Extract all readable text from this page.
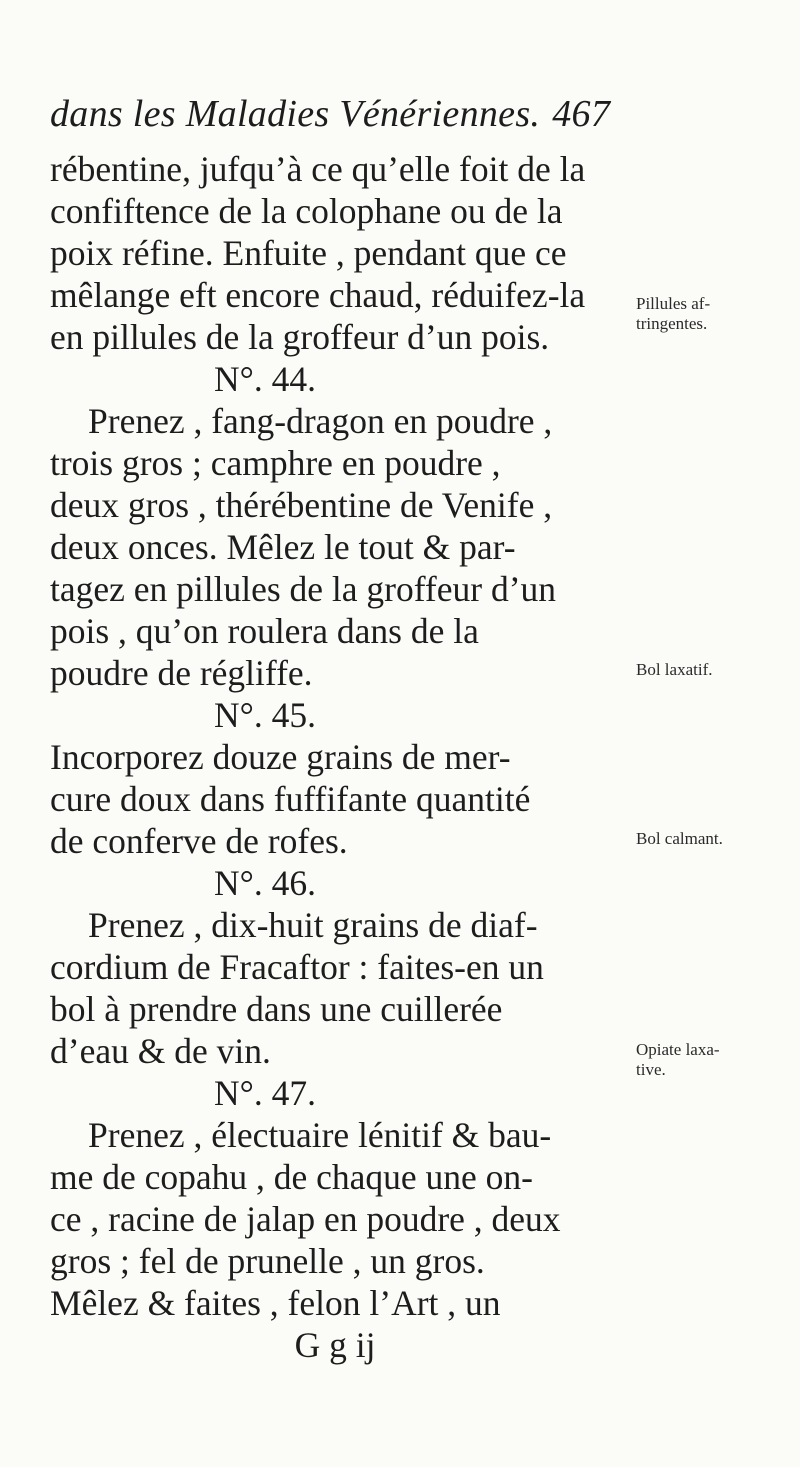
dans les Maladies Vénériennes. 467
rébentine, jufqu’à ce qu’elle foit de la
confiftence de la colophane ou de la
poix réfine. Enfuite , pendant que ce
mêlange eft encore chaud, réduifez-la
en pillules de la groffeur d’un pois.
N°. 44.
Prenez , fang-dragon en poudre ,
trois gros ; camphre en poudre ,
deux gros , thérébentine de Venife ,
deux onces. Mêlez le tout & par-
tagez en pillules de la groffeur d’un
pois , qu’on roulera dans de la
poudre de régliffe.
N°. 45.
Incorporez douze grains de mer-
cure doux dans fuffifante quantité
de conferve de rofes.
N°. 46.
Prenez , dix-huit grains de diaf-
cordium de Fracaftor : faites-en un
bol à prendre dans une cuillerée
d’eau & de vin.
N°. 47.
Prenez , électuaire lénitif & bau-
me de copahu , de chaque une on-
ce , racine de jalap en poudre , deux
gros ; fel de prunelle , un gros.
Mêlez & faites , felon l’Art , un
G g ij
Pillules af-
tringentes.
Bol laxatif.
Bol calmant.
Opiate laxa-
tive.
